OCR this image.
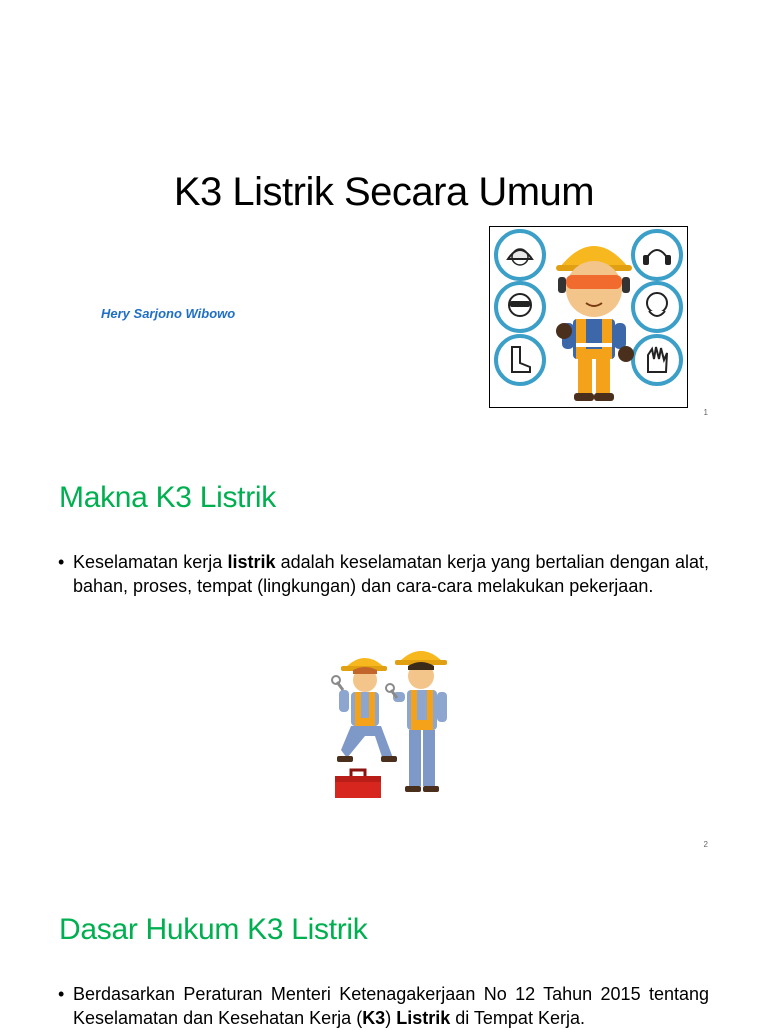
K3 Listrik Secara Umum

Hery Sarjono Wibowo

1
Makna K3 Listrik
• Keselamatan kerja listrik adalah keselamatan kerja yang bertalian dengan alat, bahan, proses, tempat (lingkungan) dan cara-cara melakukan pekerjaan.
2
Dasar Hukum K3 Listrik
• Berdasarkan Peraturan Menteri Ketenagakerjaan No 12 Tahun 2015 tentang Keselamatan dan Kesehatan Kerja (K3) Listrik di Tempat Kerja.
